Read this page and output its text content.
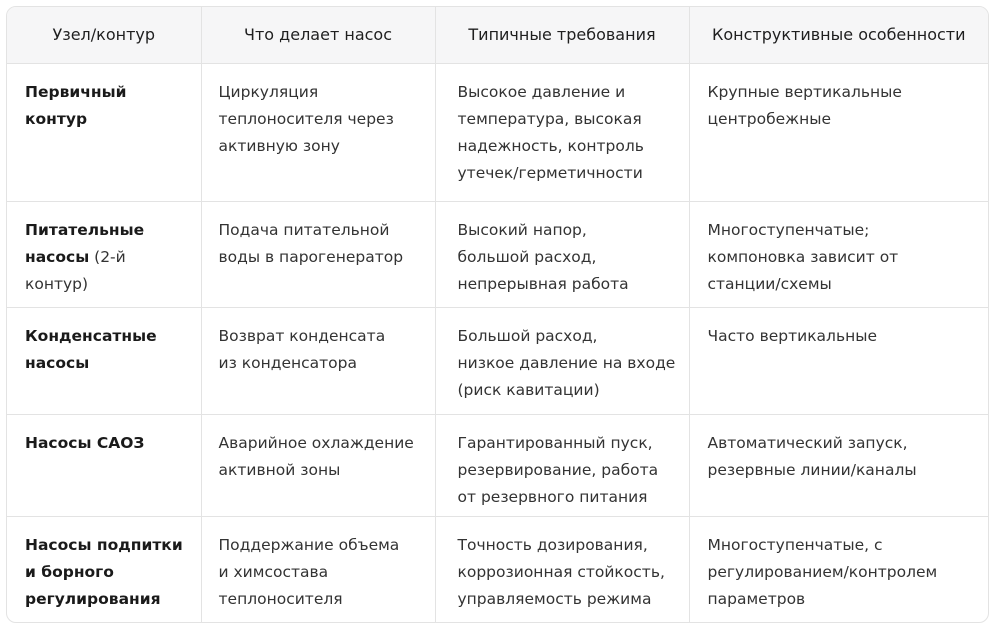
Узел/контур	Что делает насос	Типичные требования	Конструктивные особенности

Первичный
контур	Циркуляция
теплоносителя через
активную зону	Высокое давление и
температура, высокая
надежность, контроль
утечек/герметичности	Крупные вертикальные
центробежные

Питательные
насосы (2-й контур)	Подача питательной
воды в парогенератор	Высокий напор,
большой расход,
непрерывная работа	Многоступенчатые;
компоновка зависит от
станции/схемы

Конденсатные
насосы	Возврат конденсата
из конденсатора	Большой расход,
низкое давление на входе
(риск кавитации)	Часто вертикальные

Насосы САОЗ	Аварийное охлаждение
активной зоны	Гарантированный пуск,
резервирование, работа
от резервного питания	Автоматический запуск,
резервные линии/каналы

Насосы подпитки
и борного
регулирования	Поддержание объема
и химсостава
теплоносителя	Точность дозирования,
коррозионная стойкость,
управляемость режима	Многоступенчатые, с
регулированием/контролем
параметров
